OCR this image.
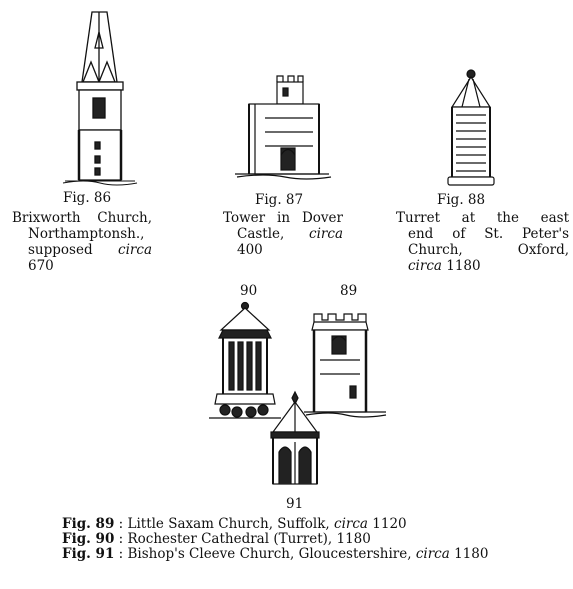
Fig. 86	Fig. 87	Fig. 88
Brixworth Church,
Northamptonsh.,
supposed circa
670
Tower in Dover
Castle, circa
400
Turret at the east
end of St. Peter's
Church, Oxford,
circa 1180
90	89
91
Fig. 89 : Little Saxam Church, Suffolk, circa 1120
Fig. 90 : Rochester Cathedral (Turret), 1180
Fig. 91 : Bishop's Cleeve Church, Gloucestershire, circa 1180
